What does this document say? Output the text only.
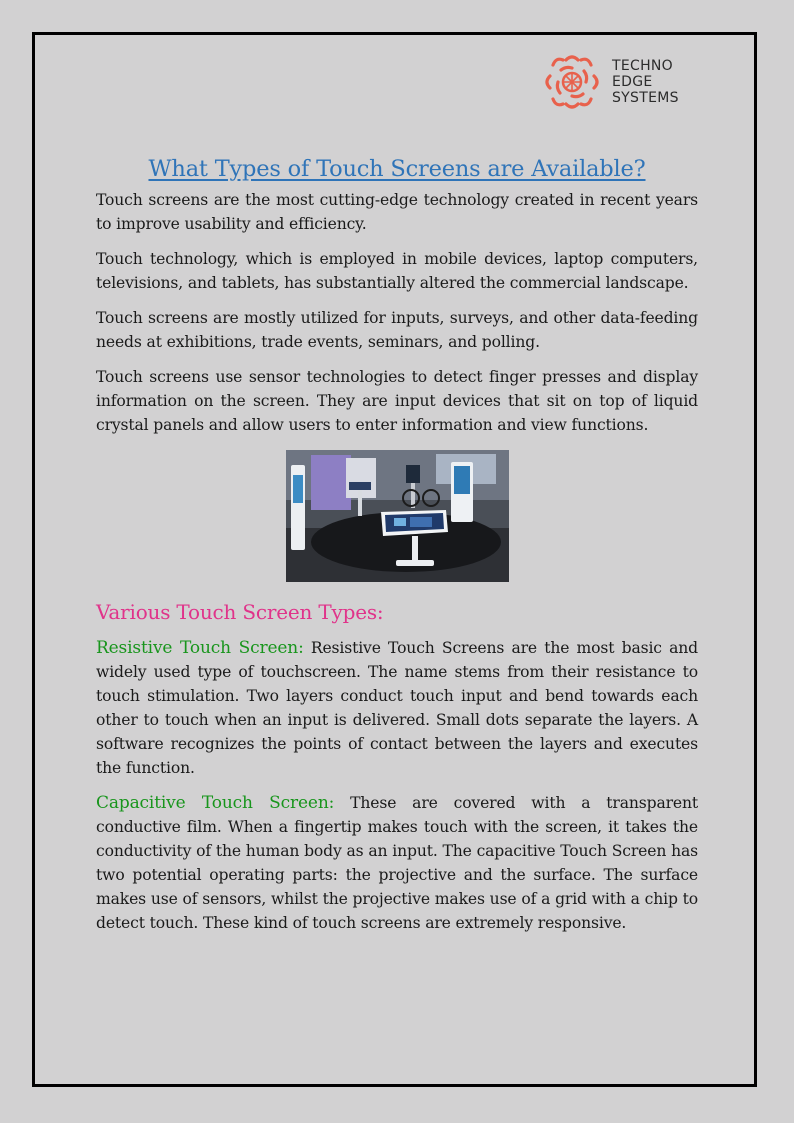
TECHNO
EDGE
SYSTEMS
What Types of Touch Screens are Available?

Touch screens are the most cutting-edge technology created in recent years to improve usability and efficiency.

Touch technology, which is employed in mobile devices, laptop computers, televisions, and tablets, has substantially altered the commercial landscape.

Touch screens are mostly utilized for inputs, surveys, and other data-feeding needs at exhibitions, trade events, seminars, and polling.

Touch screens use sensor technologies to detect finger presses and display information on the screen. They are input devices that sit on top of liquid crystal panels and allow users to enter information and view functions.

Various Touch Screen Types:

Resistive Touch Screen: Resistive Touch Screens are the most basic and widely used type of touchscreen. The name stems from their resistance to touch stimulation. Two layers conduct touch input and bend towards each other to touch when an input is delivered. Small dots separate the layers. A software recognizes the points of contact between the layers and executes the function.

Capacitive Touch Screen: These are covered with a transparent conductive film. When a fingertip makes touch with the screen, it takes the conductivity of the human body as an input. The capacitive Touch Screen has two potential operating parts: the projective and the surface. The surface makes use of sensors, whilst the projective makes use of a grid with a chip to detect touch. These kind of touch screens are extremely responsive.
